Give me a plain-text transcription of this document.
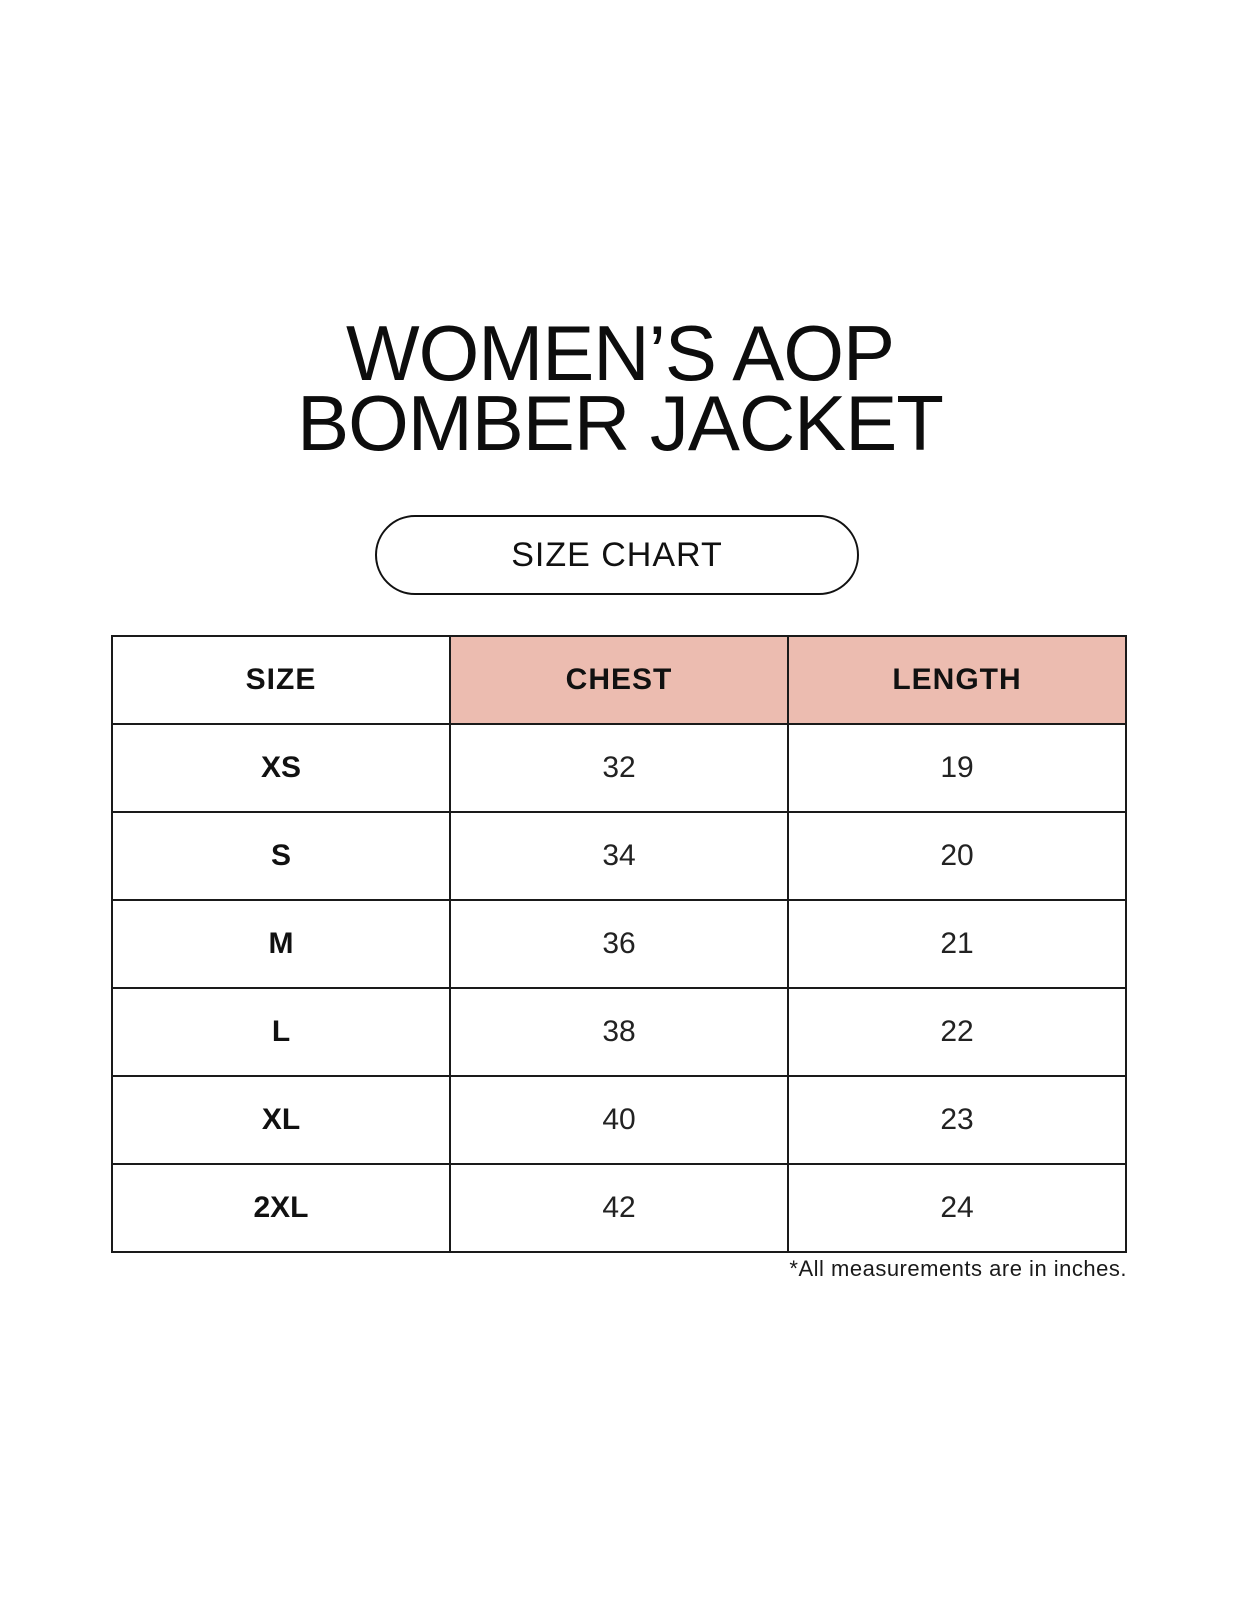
WOMEN’S AOP
BOMBER JACKET
SIZE CHART
SIZE	CHEST	LENGTH
XS	32	19
S	34	20
M	36	21
L	38	22
XL	40	23
2XL	42	24
*All measurements are in inches.
